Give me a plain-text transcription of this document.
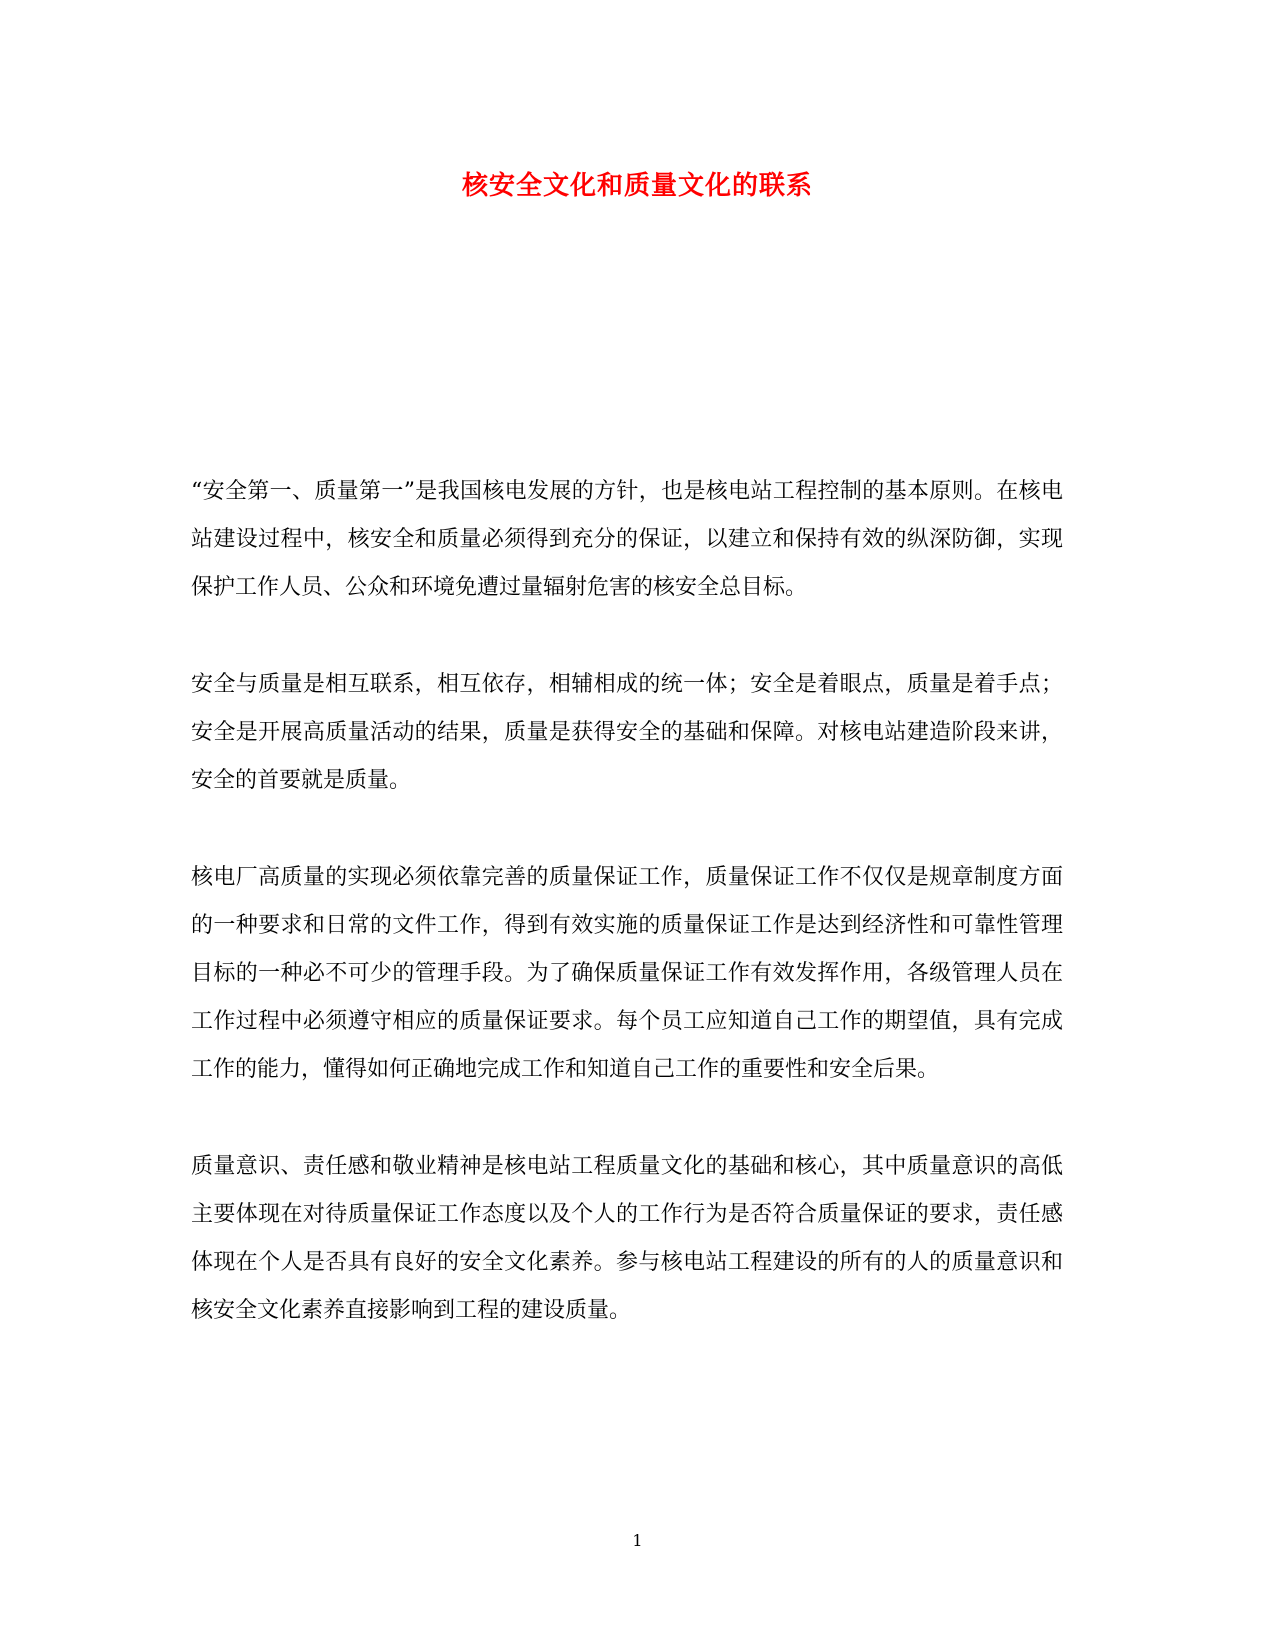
核安全文化和质量文化的联系

“安全第一、质量第一”是我国核电发展的方针，也是核电站工程控制的基本原则。在核电站建设过程中，核安全和质量必须得到充分的保证，以建立和保持有效的纵深防御，实现保护工作人员、公众和环境免遭过量辐射危害的核安全总目标。

安全与质量是相互联系，相互依存，相辅相成的统一体；安全是着眼点，质量是着手点；安全是开展高质量活动的结果，质量是获得安全的基础和保障。对核电站建造阶段来讲，安全的首要就是质量。

核电厂高质量的实现必须依靠完善的质量保证工作，质量保证工作不仅仅是规章制度方面的一种要求和日常的文件工作，得到有效实施的质量保证工作是达到经济性和可靠性管理目标的一种必不可少的管理手段。为了确保质量保证工作有效发挥作用，各级管理人员在工作过程中必须遵守相应的质量保证要求。每个员工应知道自己工作的期望值，具有完成工作的能力，懂得如何正确地完成工作和知道自己工作的重要性和安全后果。

质量意识、责任感和敬业精神是核电站工程质量文化的基础和核心，其中质量意识的高低主要体现在对待质量保证工作态度以及个人的工作行为是否符合质量保证的要求，责任感体现在个人是否具有良好的安全文化素养。参与核电站工程建设的所有的人的质量意识和核安全文化素养直接影响到工程的建设质量。

1
